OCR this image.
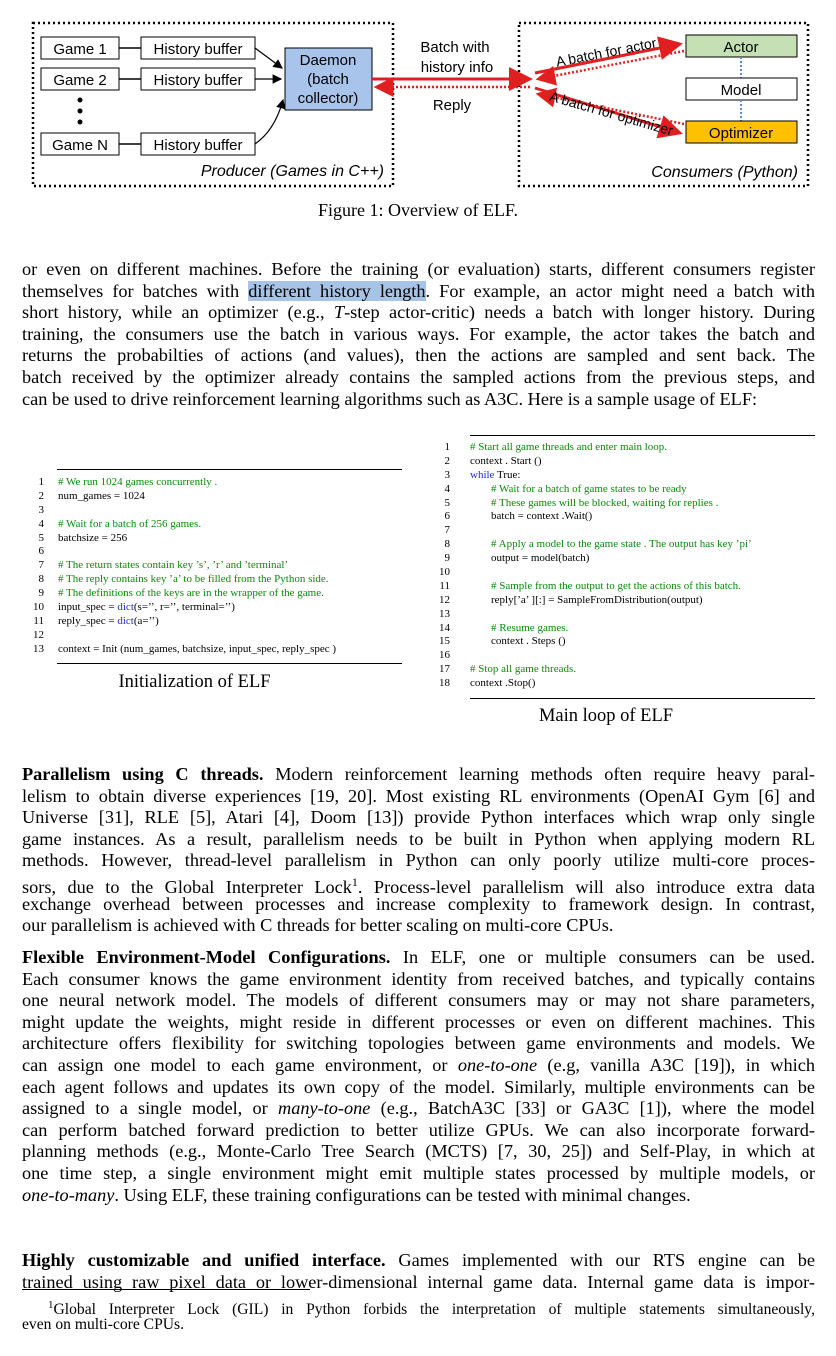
Game 1
Game 2
Game N
History buffer
History buffer
History buffer
Daemon
(batch
collector)
Batch with
history info
Reply
A batch for actor
A batch for optimizer
Actor
Model
Optimizer
Producer (Games in C++)	Consumers (Python)
Figure 1: Overview of ELF.
or even on different machines. Before the training (or evaluation) starts, different consumers register
themselves for batches with different history length. For example, an actor might need a batch with
short history, while an optimizer (e.g., T-step actor-critic) needs a batch with longer history. During
training, the consumers use the batch in various ways. For example, the actor takes the batch and
returns the probabilties of actions (and values), then the actions are sampled and sent back. The
batch received by the optimizer already contains the sampled actions from the previous steps, and
can be used to drive reinforcement learning algorithms such as A3C. Here is a sample usage of ELF:
1 # We run 1024 games concurrently .
2 num_games = 1024
3
4 # Wait for a batch of 256 games.
5 batchsize = 256
6
7 # The return states contain key ’s’, ’r’ and ’terminal’
8 # The reply contains key ’a’ to be filled from the Python side.
9 # The definitions of the keys are in the wrapper of the game.
10 input_spec = dict(s=’’, r=’’, terminal=’’)
11 reply_spec = dict(a=’’)
12
13 context = Init (num_games, batchsize, input_spec, reply_spec )
Initialization of ELF
1 # Start all game threads and enter main loop.
2 context . Start ()
3 while True:
4	# Wait for a batch of game states to be ready
5	# These games will be blocked, waiting for replies .
6	batch = context .Wait()
7
8	# Apply a model to the game state . The output has key ’pi’
9	output = model(batch)
10
11	# Sample from the output to get the actions of this batch.
12	reply[’a’ ][:] = SampleFromDistribution(output)
13
14	# Resume games.
15	context . Steps ()
16
17 # Stop all game threads.
18 context .Stop()
Main loop of ELF
Parallelism using C threads. Modern reinforcement learning methods often require heavy paral-
lelism to obtain diverse experiences [19, 20]. Most existing RL environments (OpenAI Gym [6] and
Universe [31], RLE [5], Atari [4], Doom [13]) provide Python interfaces which wrap only single
game instances. As a result, parallelism needs to be built in Python when applying modern RL
methods. However, thread-level parallelism in Python can only poorly utilize multi-core proces-
sors, due to the Global Interpreter Lock$^1$. Process-level parallelism will also introduce extra data
exchange overhead between processes and increase complexity to framework design. In contrast,
our parallelism is achieved with C threads for better scaling on multi-core CPUs.
Flexible Environment-Model Configurations. In ELF, one or multiple consumers can be used.
Each consumer knows the game environment identity from received batches, and typically contains
one neural network model. The models of different consumers may or may not share parameters,
might update the weights, might reside in different processes or even on different machines. This
architecture offers flexibility for switching topologies between game environments and models. We
can assign one model to each game environment, or one-to-one (e.g, vanilla A3C [19]), in which
each agent follows and updates its own copy of the model. Similarly, multiple environments can be
assigned to a single model, or many-to-one (e.g., BatchA3C [33] or GA3C [1]), where the model
can perform batched forward prediction to better utilize GPUs. We can also incorporate forward-
planning methods (e.g., Monte-Carlo Tree Search (MCTS) [7, 30, 25]) and Self-Play, in which at
one time step, a single environment might emit multiple states processed by multiple models, or
one-to-many. Using ELF, these training configurations can be tested with minimal changes.
Highly customizable and unified interface. Games implemented with our RTS engine can be
trained using raw pixel data or lower-dimensional internal game data. Internal game data is impor-
$^1$Global Interpreter Lock (GIL) in Python forbids the interpretation of multiple statements simultaneously,
even on multi-core CPUs.
